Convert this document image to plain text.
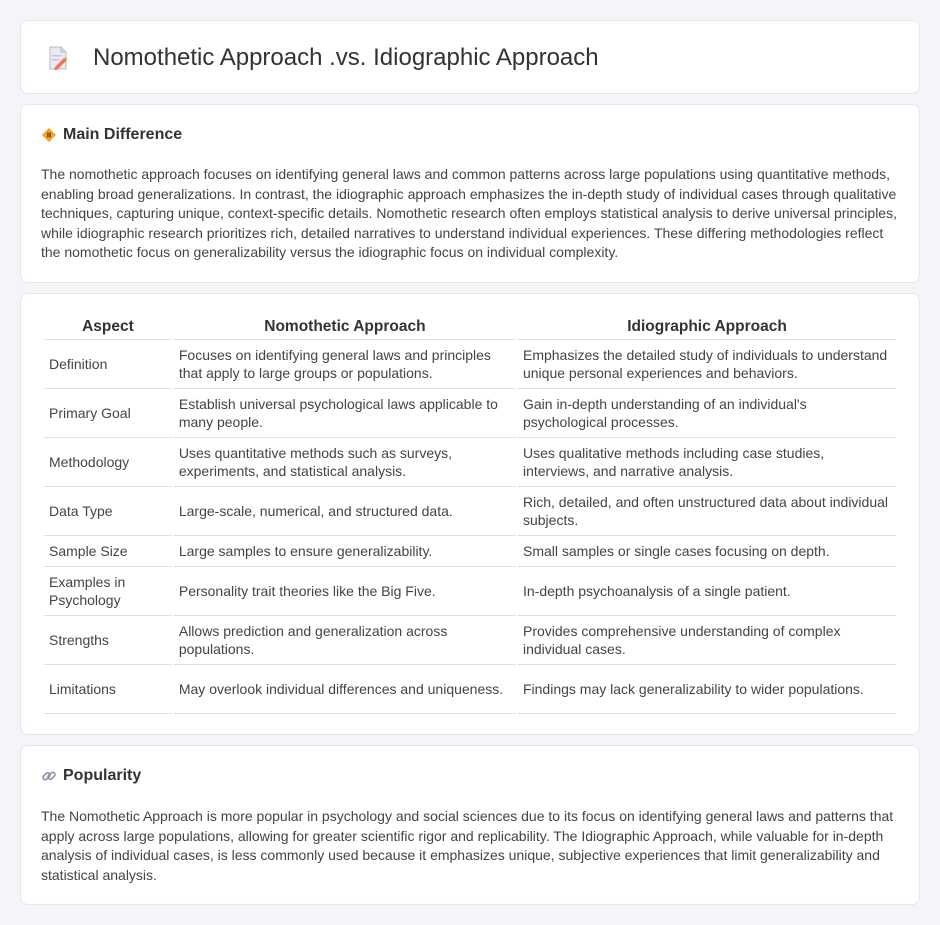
Nomothetic Approach .vs. Idiographic Approach
Main Difference

The nomothetic approach focuses on identifying general laws and common patterns across large populations using quantitative methods, enabling broad generalizations. In contrast, the idiographic approach emphasizes the in-depth study of individual cases through qualitative techniques, capturing unique, context-specific details. Nomothetic research often employs statistical analysis to derive universal principles, while idiographic research prioritizes rich, detailed narratives to understand individual experiences. These differing methodologies reflect the nomothetic focus on generalizability versus the idiographic focus on individual complexity.

Aspect	Nomothetic Approach	Idiographic Approach
Definition	Focuses on identifying general laws and principles that apply to large groups or populations.	Emphasizes the detailed study of individuals to understand unique personal experiences and behaviors.
Primary Goal	Establish universal psychological laws applicable to many people.	Gain in-depth understanding of an individual's psychological processes.
Methodology	Uses quantitative methods such as surveys, experiments, and statistical analysis.	Uses qualitative methods including case studies, interviews, and narrative analysis.
Data Type	Large-scale, numerical, and structured data.	Rich, detailed, and often unstructured data about individual subjects.
Sample Size	Large samples to ensure generalizability.	Small samples or single cases focusing on depth.
Examples in Psychology	Personality trait theories like the Big Five.	In-depth psychoanalysis of a single patient.
Strengths	Allows prediction and generalization across populations.	Provides comprehensive understanding of complex individual cases.
Limitations	May overlook individual differences and uniqueness.	Findings may lack generalizability to wider populations.
Popularity

The Nomothetic Approach is more popular in psychology and social sciences due to its focus on identifying general laws and patterns that apply across large populations, allowing for greater scientific rigor and replicability. The Idiographic Approach, while valuable for in-depth analysis of individual cases, is less commonly used because it emphasizes unique, subjective experiences that limit generalizability and statistical analysis.
